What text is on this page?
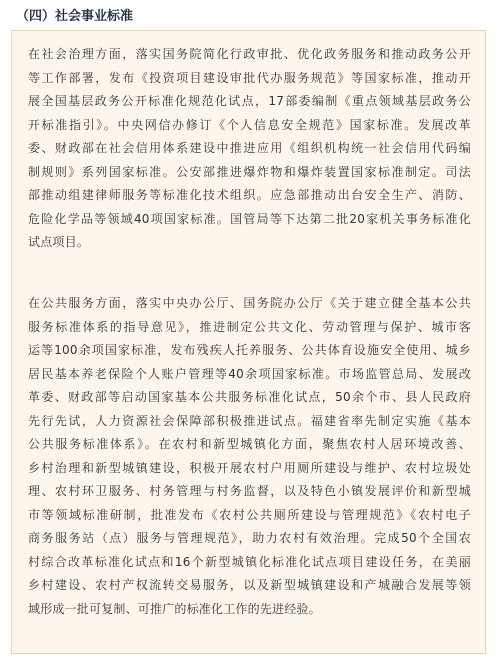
（四）社会事业标准

在社会治理方面，落实国务院简化行政审批、优化政务服务和推动政务公开
等工作部署，发布《投资项目建设审批代办服务规范》等国家标准，推动开
展全国基层政务公开标准化规范化试点，17部委编制《重点领域基层政务公
开标准指引》。中央网信办修订《个人信息安全规范》国家标准。发展改革
委、财政部在社会信用体系建设中推进应用《组织机构统一社会信用代码编
制规则》系列国家标准。公安部推进爆炸物和爆炸装置国家标准制定。司法
部推动组建律师服务等标准化技术组织。应急部推动出台安全生产、消防、
危险化学品等领域40项国家标准。国管局等下达第二批20家机关事务标准化
试点项目。

在公共服务方面，落实中央办公厅、国务院办公厅《关于建立健全基本公共
服务标准体系的指导意见》，推进制定公共文化、劳动管理与保护、城市客
运等100余项国家标准，发布残疾人托养服务、公共体育设施安全使用、城乡
居民基本养老保险个人账户管理等40余项国家标准。市场监管总局、发展改
革委、财政部等启动国家基本公共服务标准化试点，50余个市、县人民政府
先行先试，人力资源社会保障部积极推进试点。福建省率先制定实施《基本
公共服务标准体系》。在农村和新型城镇化方面，聚焦农村人居环境改善、
乡村治理和新型城镇建设，积极开展农村户用厕所建设与维护、农村垃圾处
理、农村环卫服务、村务管理与村务监督，以及特色小镇发展评价和新型城
市等领域标准研制，批准发布《农村公共厕所建设与管理规范》《农村电子
商务服务站（点）服务与管理规范》，助力农村有效治理。完成50个全国农
村综合改革标准化试点和16个新型城镇化标准化试点项目建设任务，在美丽
乡村建设、农村产权流转交易服务，以及新型城镇建设和产城融合发展等领
域形成一批可复制、可推广的标准化工作的先进经验。
